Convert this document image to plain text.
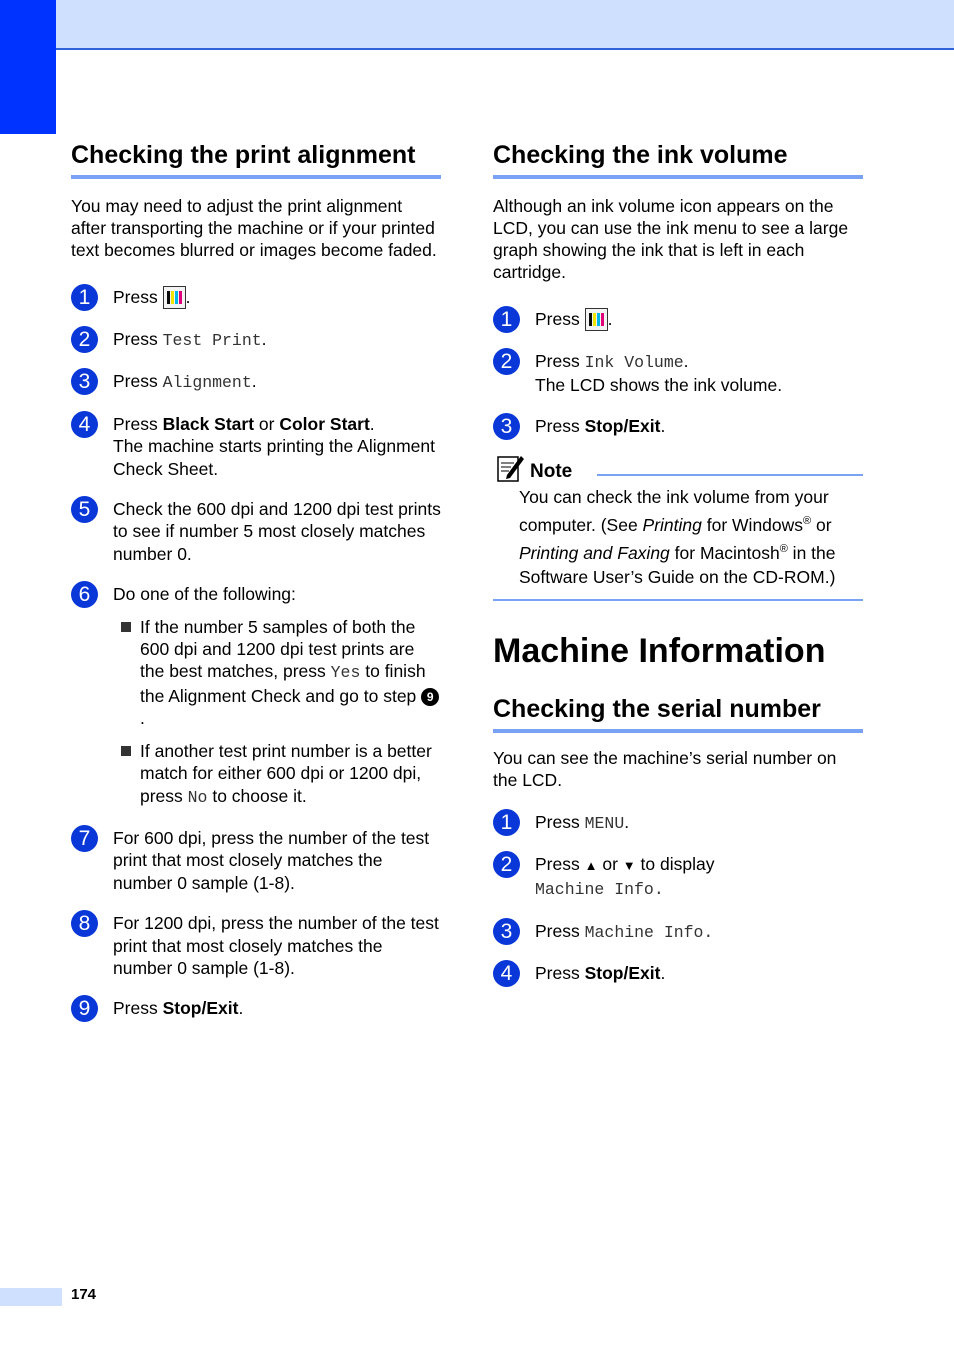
Checking the print alignment

You may need to adjust the print alignment after transporting the machine or if your printed text becomes blurred or images become faded.

1	Press
.
2	Press Test Print.
3	Press Alignment.
4	Press Black Start or Color Start.
The machine starts printing the Alignment Check Sheet.
5	Check the 600 dpi and 1200 dpi test prints to see if number 5 most closely matches number 0.
6	Do one of the following:
If the number 5 samples of both the 600 dpi and 1200 dpi test prints are the best matches, press Yes to finish the Alignment Check and go to step 9.
If another test print number is a better match for either 600 dpi or 1200 dpi, press No to choose it.
7	For 600 dpi, press the number of the test print that most closely matches the number 0 sample (1-8).
8	For 1200 dpi, press the number of the test print that most closely matches the number 0 sample (1-8).
9	Press Stop/Exit.
Checking the ink volume

Although an ink volume icon appears on the LCD, you can use the ink menu to see a large graph showing the ink that is left in each cartridge.

1	Press
.
2	Press Ink Volume.
The LCD shows the ink volume.
3	Press Stop/Exit.
Note

You can check the ink volume from your computer. (See Printing for Windows® or Printing and Faxing for Macintosh® in the Software User’s Guide on the CD-ROM.)

Machine Information
Checking the serial number

You can see the machine’s serial number on the LCD.

1	Press MENU.
2	Press ▲ or ▼ to display
Machine Info.
3	Press Machine Info.
4	Press Stop/Exit.
174
